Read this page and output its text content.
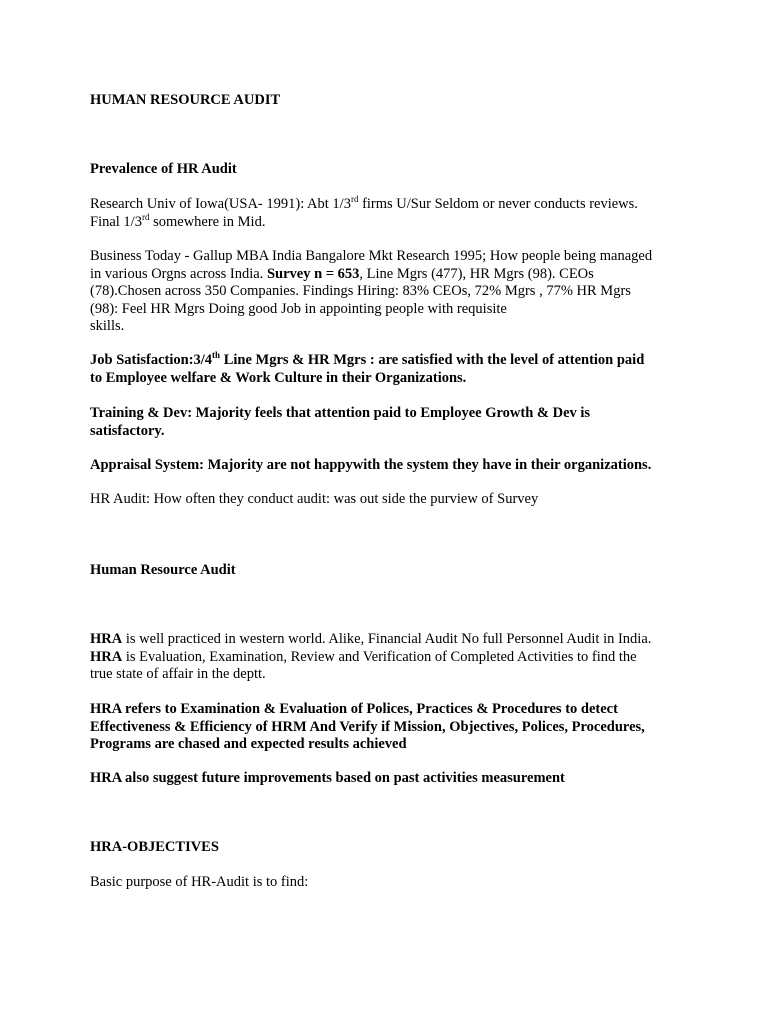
HUMAN RESOURCE AUDIT
Prevalence of HR Audit
Research Univ of Iowa(USA- 1991): Abt 1/3rd firms U/Sur Seldom or never conducts reviews.
Final 1/3rd somewhere in Mid.
Business Today - Gallup MBA India Bangalore Mkt Research 1995; How people being managed
in various Orgns across India. Survey n = 653, Line Mgrs (477), HR Mgrs (98). CEOs
(78).Chosen across 350 Companies. Findings Hiring: 83% CEOs, 72% Mgrs , 77% HR Mgrs
(98): Feel HR Mgrs Doing good Job in appointing people with requisite
skills.
Job Satisfaction:3/4th Line Mgrs & HR Mgrs : are satisfied with the level of attention paid
to Employee welfare & Work Culture in their Organizations.
Training & Dev: Majority feels that attention paid to Employee Growth & Dev is
satisfactory.
Appraisal System: Majority are not happywith the system they have in their organizations.
HR Audit: How often they conduct audit: was out side the purview of Survey
Human Resource Audit
HRA is well practiced in western world. Alike, Financial Audit No full Personnel Audit in India.
HRA is Evaluation, Examination, Review and Verification of Completed Activities to find the
true state of affair in the deptt.
HRA refers to Examination & Evaluation of Polices, Practices & Procedures to detect
Effectiveness & Efficiency of HRM And Verify if Mission, Objectives, Polices, Procedures,
Programs are chased and expected results achieved
HRA also suggest future improvements based on past activities measurement
HRA-OBJECTIVES
Basic purpose of HR-Audit is to find:
